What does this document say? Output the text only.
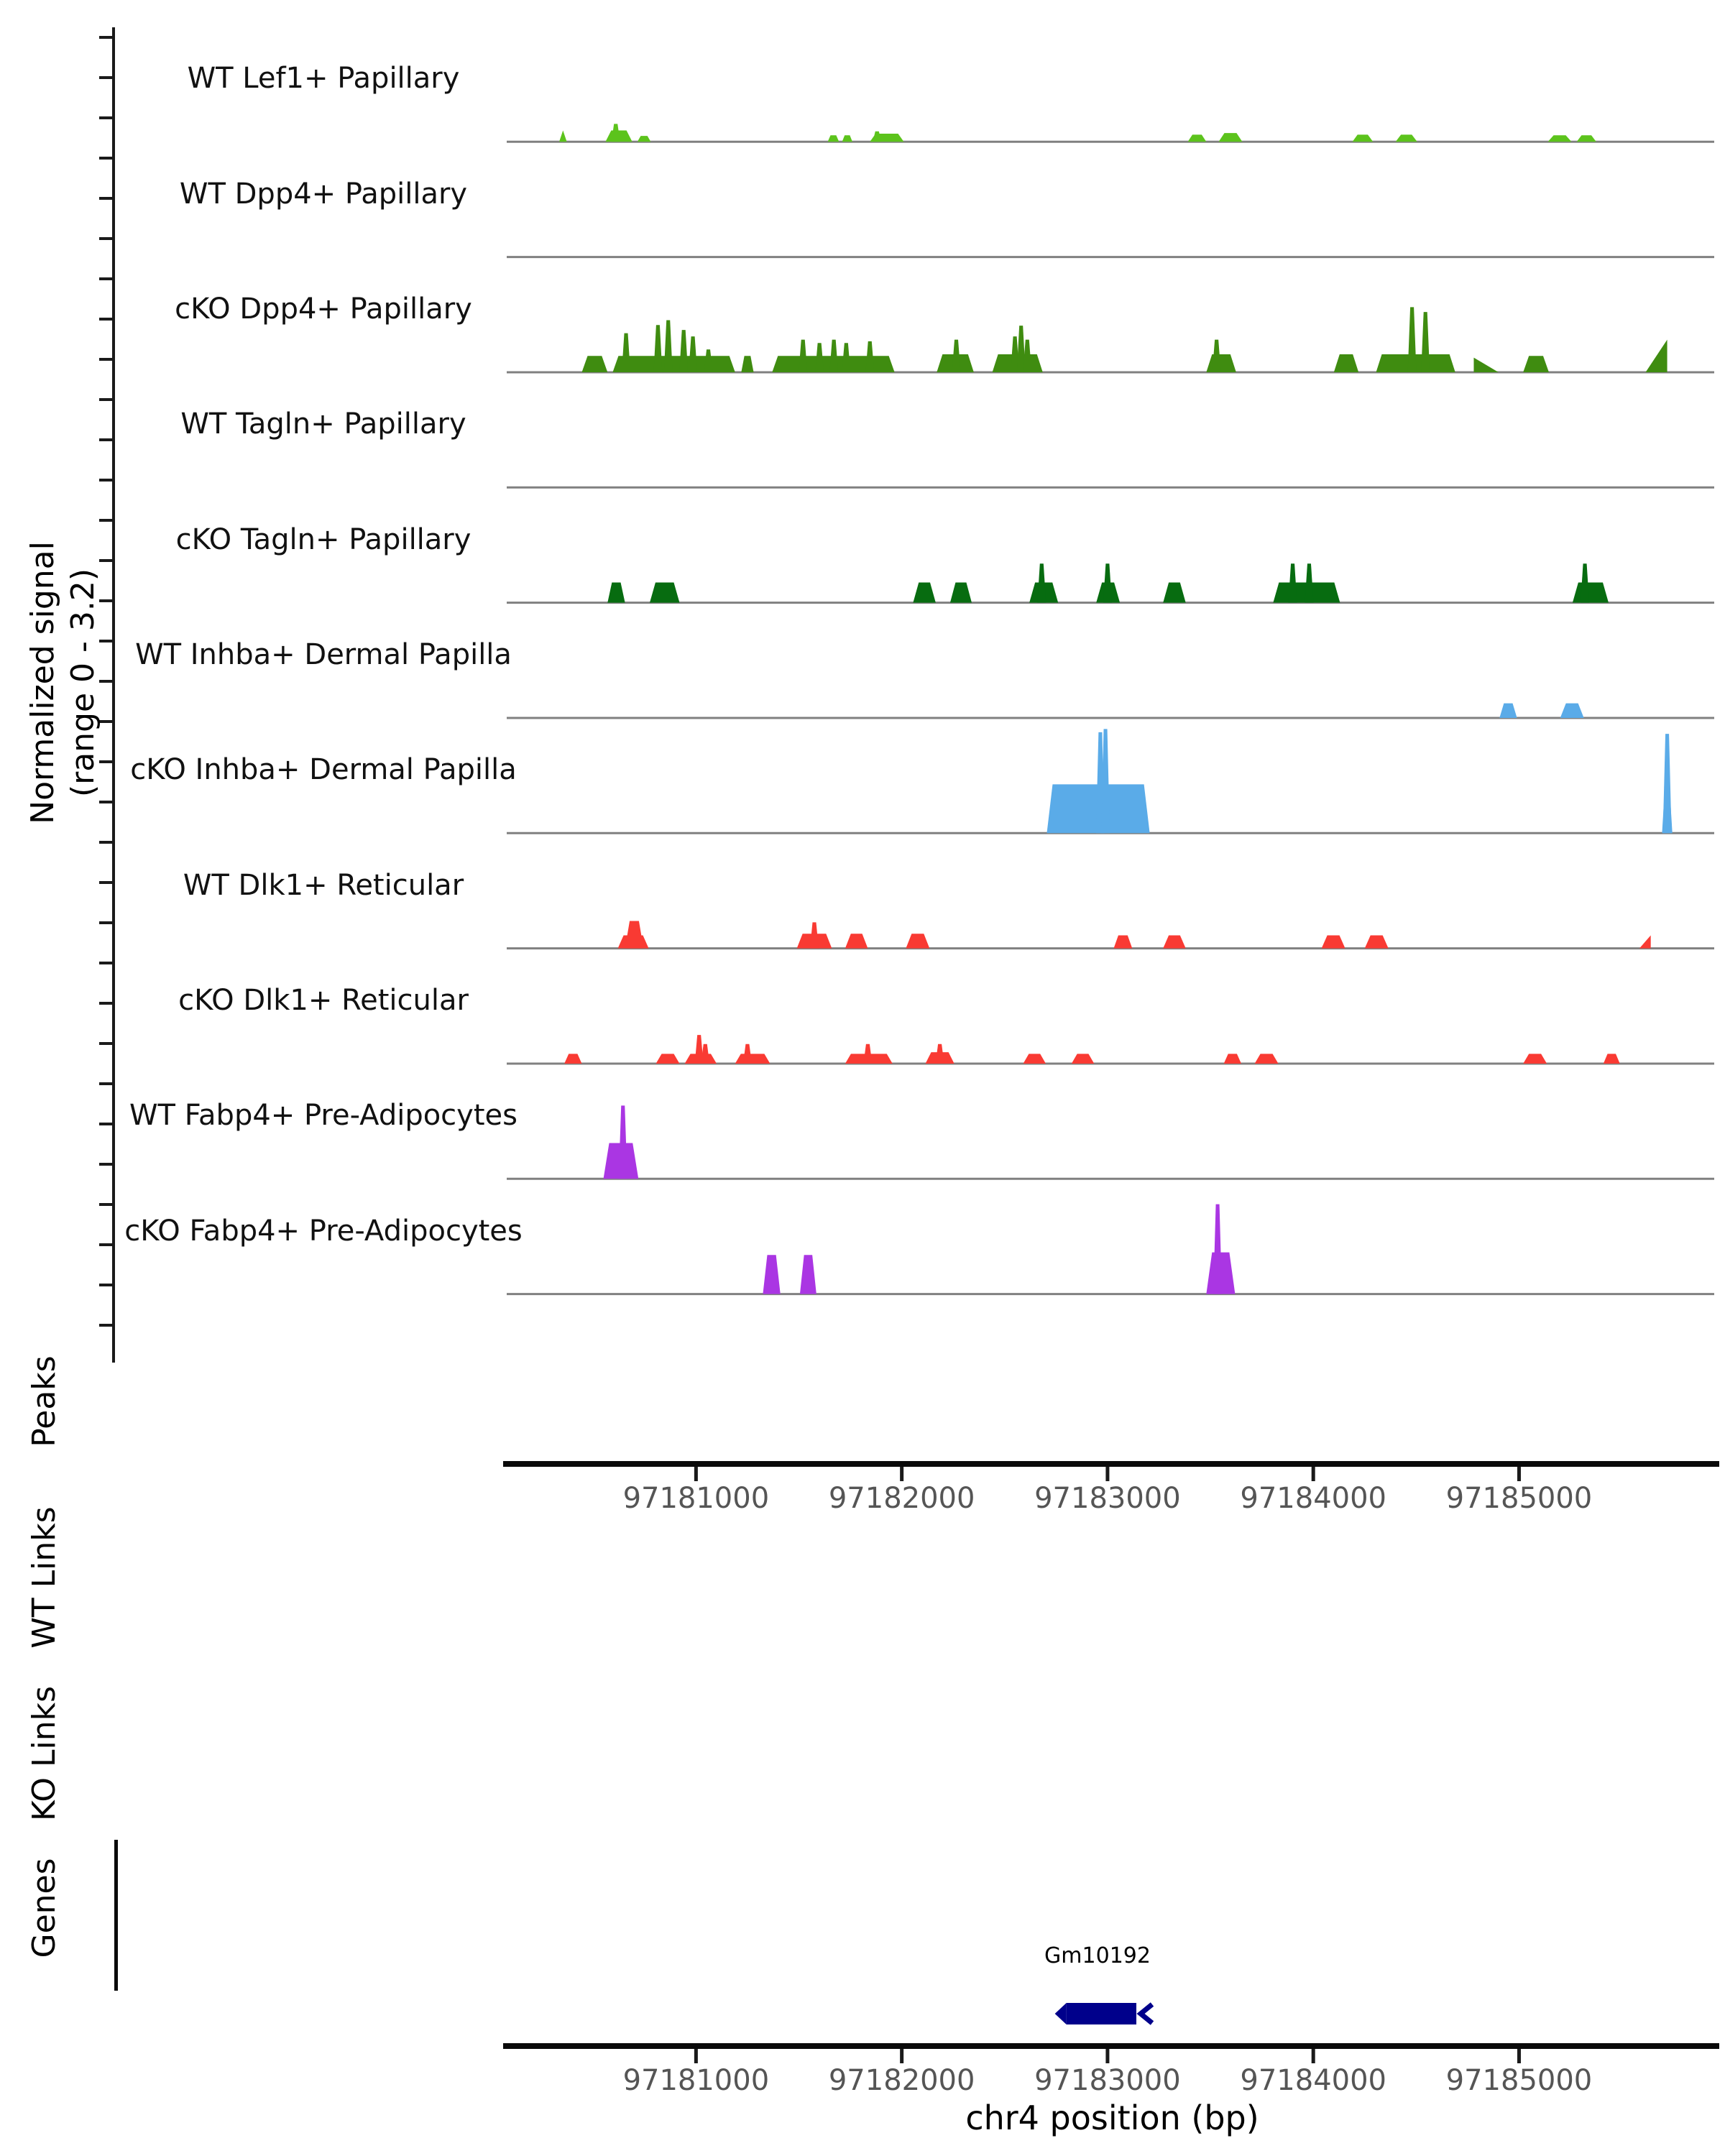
Normalized signal (range 0 - 3.2)
Peaks
WT Links
KO Links
Genes
WT Lef1+ Papillary
WT Dpp4+ Papillary
cKO Dpp4+ Papillary
WT Tagln+ Papillary
cKO Tagln+ Papillary
WT Inhba+ Dermal Papilla
cKO Inhba+ Dermal Papilla
WT Dlk1+ Reticular
cKO Dlk1+ Reticular
WT Fabp4+ Pre-Adipocytes
cKO Fabp4+ Pre-Adipocytes
97181000	97182000	97183000	97184000	97185000
97181000	97182000	97183000	97184000	97185000
Gm10192
chr4 position (bp)
